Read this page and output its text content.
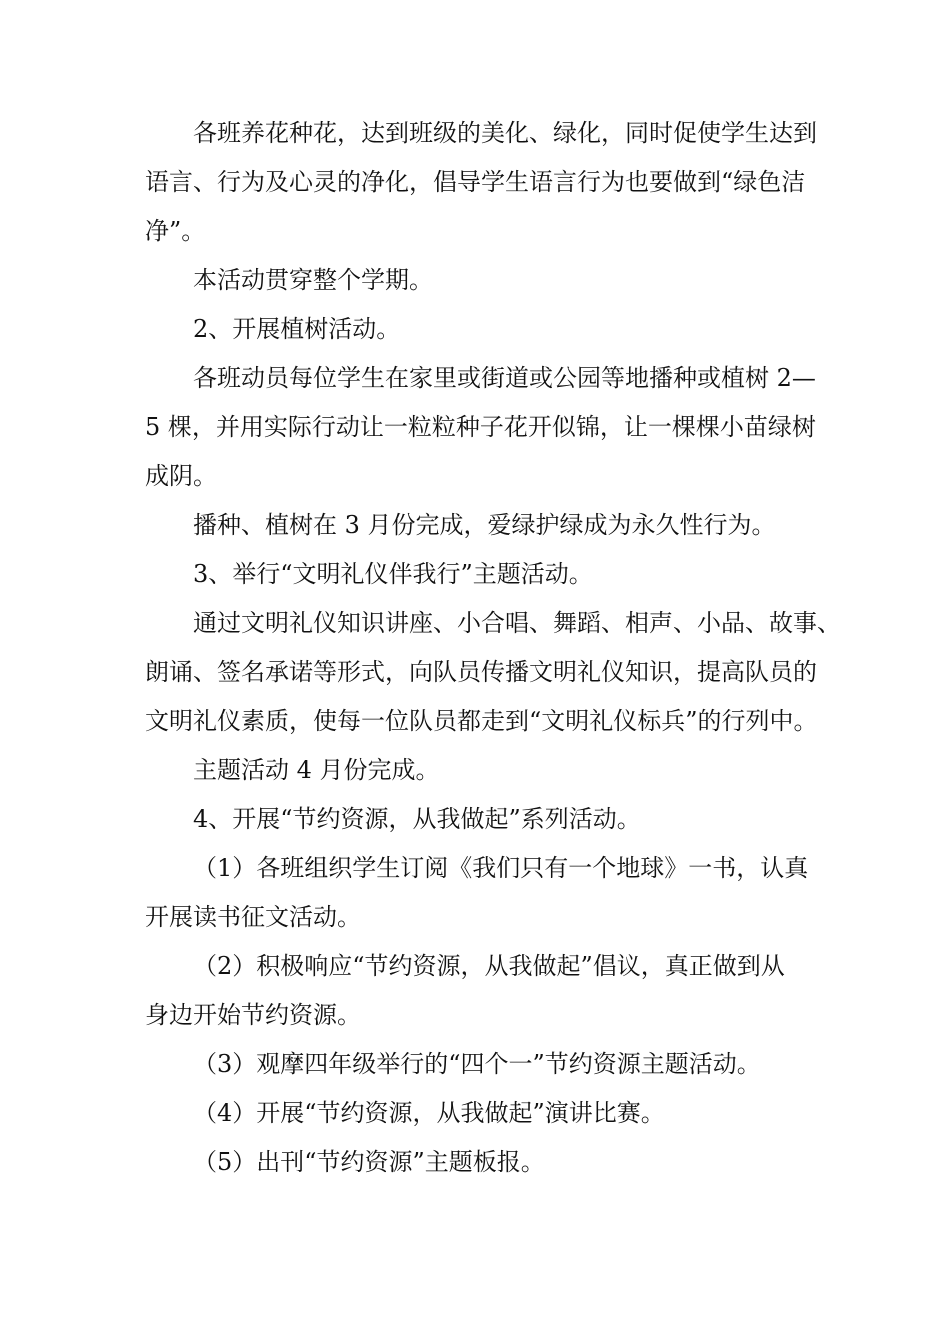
各班养花种花，达到班级的美化、绿化，同时促使学生达到
语言、行为及心灵的净化，倡导学生语言行为也要做到“绿色洁
净”。
本活动贯穿整个学期。
2、开展植树活动。
各班动员每位学生在家里或街道或公园等地播种或植树 2—
5 棵，并用实际行动让一粒粒种子花开似锦，让一棵棵小苗绿树
成阴。
播种、植树在 3 月份完成，爱绿护绿成为永久性行为。
3、举行“文明礼仪伴我行”主题活动。
通过文明礼仪知识讲座、小合唱、舞蹈、相声、小品、故事、
朗诵、签名承诺等形式，向队员传播文明礼仪知识，提高队员的
文明礼仪素质，使每一位队员都走到“文明礼仪标兵”的行列中。
主题活动 4 月份完成。
4、开展“节约资源，从我做起”系列活动。
（1）各班组织学生订阅《我们只有一个地球》一书，认真
开展读书征文活动。
（2）积极响应“节约资源，从我做起”倡议，真正做到从
身边开始节约资源。
（3）观摩四年级举行的“四个一”节约资源主题活动。
（4）开展“节约资源，从我做起”演讲比赛。
（5）出刊“节约资源”主题板报。
